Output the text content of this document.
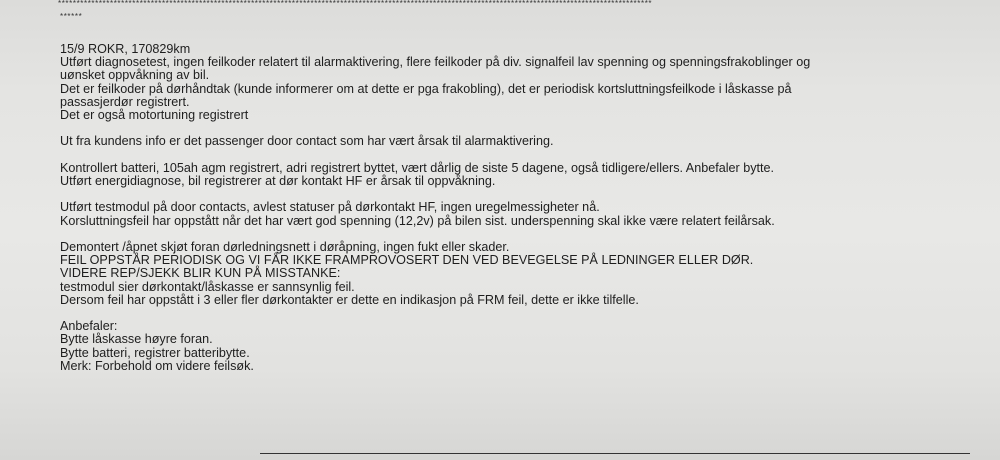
****************************************************************************************************************************************************************
******
15/9 ROKR, 170829km
Utført diagnosetest, ingen feilkoder relatert til alarmaktivering, flere feilkoder på div. signalfeil lav spenning og spenningsfrakoblinger og
uønsket oppvåkning av bil.
Det er feilkoder på dørhåndtak (kunde informerer om at dette er pga frakobling), det er periodisk kortsluttningsfeilkode i låskasse på
passasjerdør registrert.
Det er også motortuning registrert
Ut fra kundens info er det passenger door contact som har vært årsak til alarmaktivering.
Kontrollert batteri, 105ah agm registrert, adri registrert byttet, vært dårlig de siste 5 dagene, også tidligere/ellers. Anbefaler bytte.
Utført energidiagnose, bil registrerer at dør kontakt HF er årsak til oppvåkning.
Utført testmodul på door contacts, avlest statuser på dørkontakt HF, ingen uregelmessigheter nå.
Korsluttningsfeil har oppstått når det har vært god spenning (12,2v) på bilen sist. underspenning skal ikke være relatert feilårsak.
Demontert /åpnet skjøt foran dørledningsnett i døråpning, ingen fukt eller skader.
FEIL OPPSTÅR PERIODISK OG VI FÅR IKKE FRAMPROVOSERT DEN VED BEVEGELSE PÅ LEDNINGER ELLER DØR.
VIDERE REP/SJEKK BLIR KUN PÅ MISSTANKE:
testmodul sier dørkontakt/låskasse er sannsynlig feil.
Dersom feil har oppstått i 3 eller fler dørkontakter er dette en indikasjon på FRM feil, dette er ikke tilfelle.
Anbefaler:
Bytte låskasse høyre foran.
Bytte batteri, registrer batteribytte.
Merk: Forbehold om videre feilsøk.
